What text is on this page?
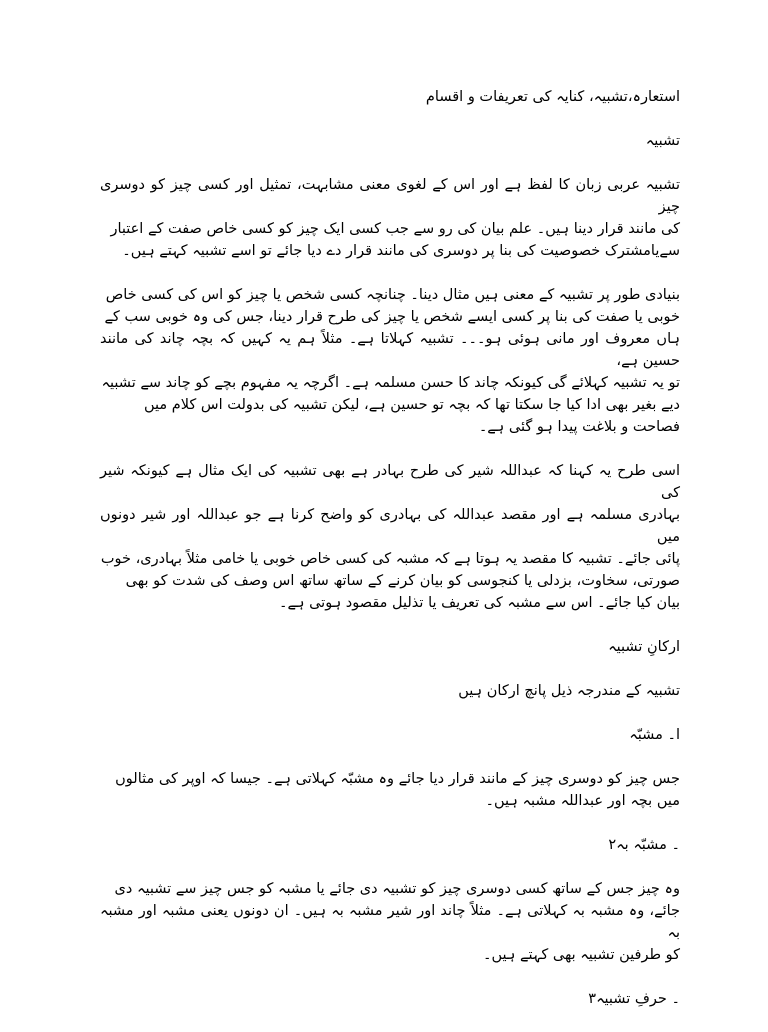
استعارہ،تشبیہ، کنایہ کی تعریفات و اقسام

تشبیہ

تشبیہ عربی زبان کا لفظ ہے اور اس کے لغوی معنی مشابہت، تمثیل اور کسی چیز کو دوسری چیز
کی مانند قرار دینا ہیں۔ علم بیان کی رو سے جب کسی ایک چیز کو کسی خاص صفت کے اعتبار
سےیامشترک خصوصیت کی بنا پر دوسری کی مانند قرار دے دیا جائے تو اسے تشبیہ کہتے ہیں۔

بنیادی طور پر تشبیہ کے معنی ہیں مثال دینا۔ چنانچہ کسی شخص یا چیز کو اس کی کسی خاص
خوبی یا صفت کی بنا پر کسی ایسے شخص یا چیز کی طرح قرار دینا، جس کی وہ خوبی سب کے
ہاں معروف اور مانی ہوئی ہو۔۔۔ تشبیہ کہلاتا ہے۔ مثلاً ہم یہ کہیں کہ بچہ چاند کی مانند حسین ہے،
تو یہ تشبیہ کہلائے گی کیونکہ چاند کا حسن مسلمہ ہے۔ اگرچہ یہ مفہوم بچے کو چاند سے تشبیہ
دیے بغیر بھی ادا کیا جا سکتا تھا کہ بچہ تو حسین ہے، لیکن تشبیہ کی بدولت اس کلام میں
فصاحت و بلاغت پیدا ہو گئی ہے۔

اسی طرح یہ کہنا کہ عبداللہ شیر کی طرح بہادر ہے بھی تشبیہ کی ایک مثال ہے کیونکہ شیر کی
بہادری مسلمہ ہے اور مقصد عبداللہ کی بہادری کو واضح کرنا ہے جو عبداللہ اور شیر دونوں میں
پائی جائے۔ تشبیہ کا مقصد یہ ہوتا ہے کہ مشبہ کی کسی خاص خوبی یا خامی مثلاً بہادری، خوب
صورتی، سخاوت، بزدلی یا کنجوسی کو بیان کرنے کے ساتھ ساتھ اس وصف کی شدت کو بھی
بیان کیا جائے۔ اس سے مشبہ کی تعریف یا تذلیل مقصود ہوتی ہے۔

ارکانِ تشبیہ

تشبیہ کے مندرجہ ذیل پانچ ارکان ہیں

ا۔ مشبّہ

جس چیز کو دوسری چیز کے مانند قرار دیا جائے وہ مشبّہ کہلاتی ہے۔ جیسا کہ اوپر کی مثالوں
میں بچہ اور عبداللہ مشبہ ہیں۔

۔ مشبّہ بہ٢

وہ چیز جس کے ساتھ کسی دوسری چیز کو تشبیہ دی جائے یا مشبہ کو جس چیز سے تشبیہ دی
جائے، وہ مشبہ بہ کہلاتی ہے۔ مثلاً چاند اور شیر مشبہ بہ ہیں۔ ان دونوں یعنی مشبہ اور مشبہ بہ
کو طرفین تشبیہ بھی کہتے ہیں۔

۔ حرفِ تشبیہ٣
